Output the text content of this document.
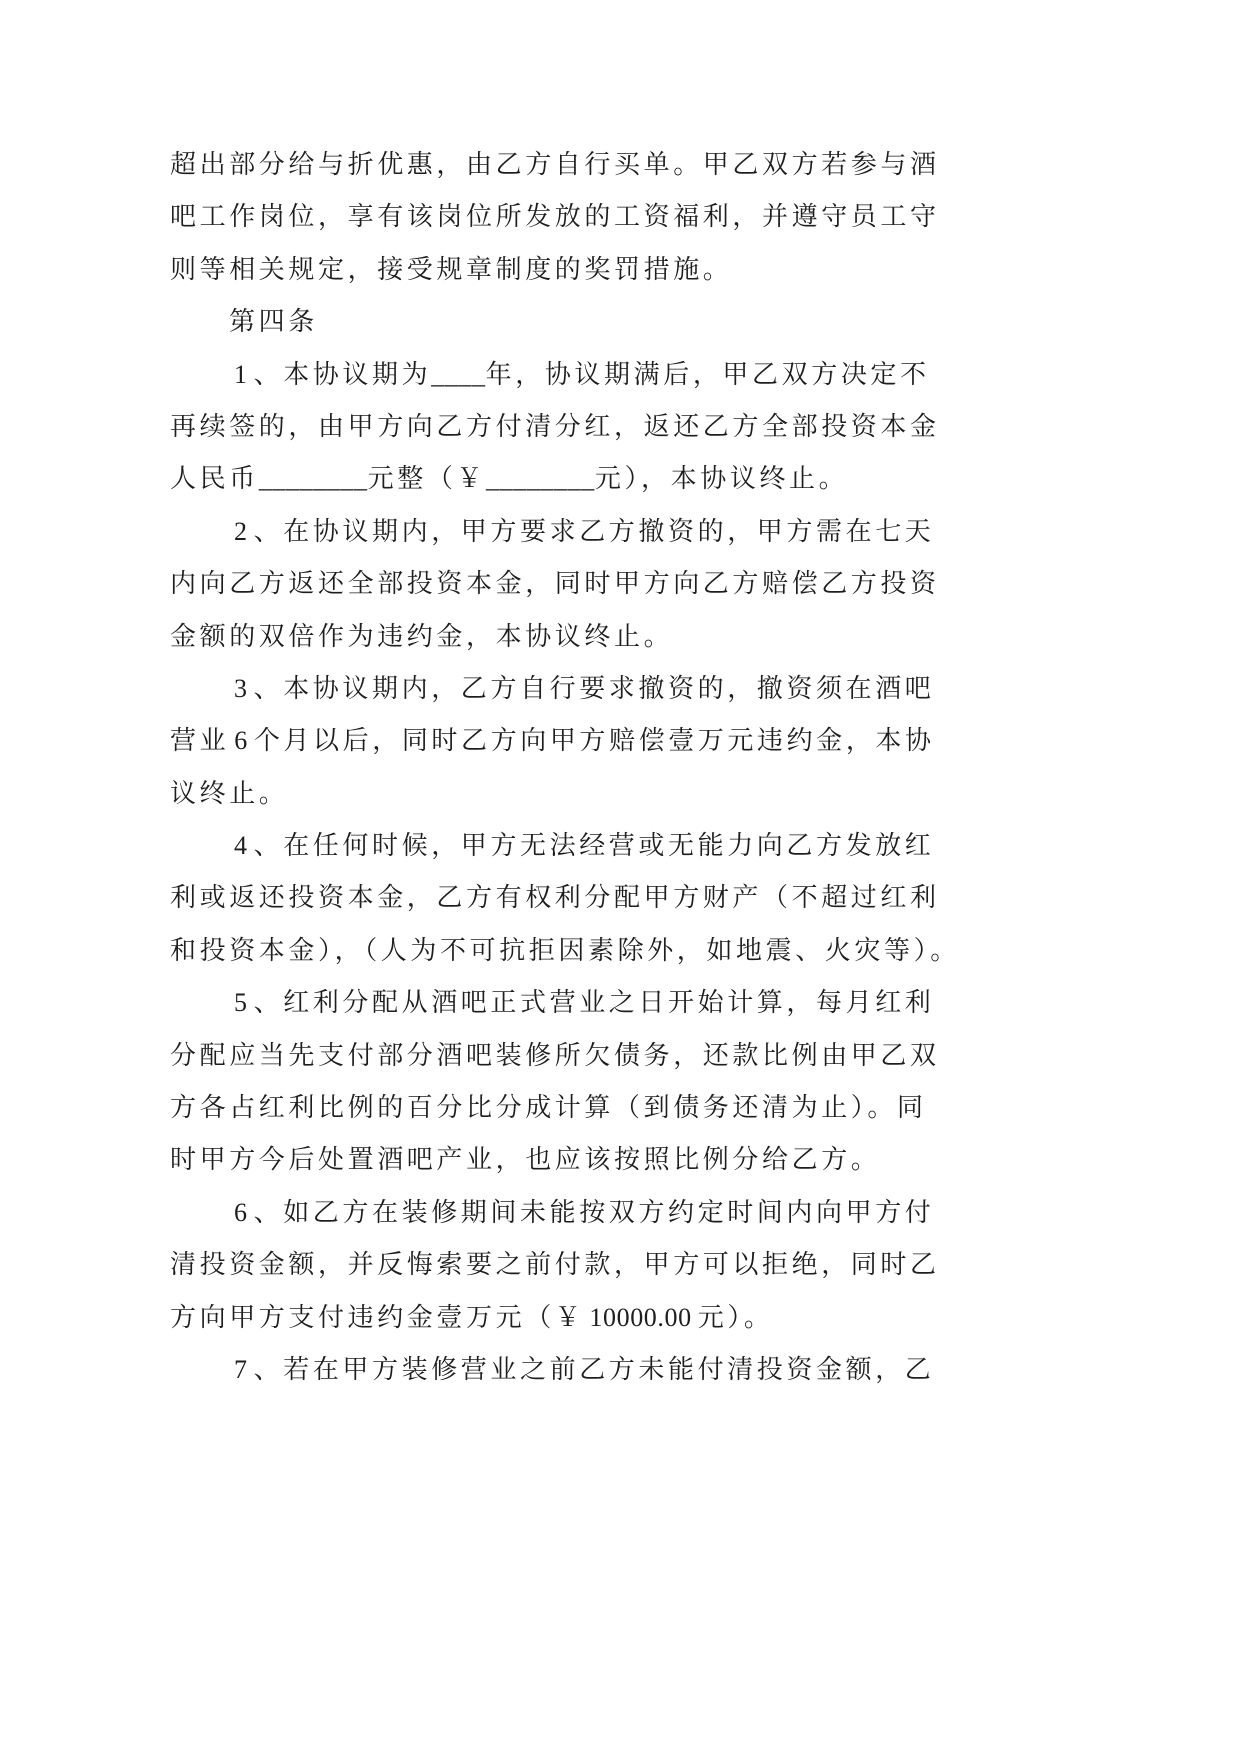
超出部分给与折优惠，由乙方自行买单。甲乙双方若参与酒
吧工作岗位，享有该岗位所发放的工资福利，并遵守员工守
则等相关规定，接受规章制度的奖罚措施。
第四条
1 、本协议期为____年，协议期满后，甲乙双方决定不
再续签的，由甲方向乙方付清分红，返还乙方全部投资本金
人民币________元整（￥________元），本协议终止。
2 、在协议期内，甲方要求乙方撤资的，甲方需在七天
内向乙方返还全部投资本金，同时甲方向乙方赔偿乙方投资
金额的双倍作为违约金，本协议终止。
3 、本协议期内，乙方自行要求撤资的，撤资须在酒吧
营业 6 个月以后，同时乙方向甲方赔偿壹万元违约金，本协
议终止。
4 、在任何时候，甲方无法经营或无能力向乙方发放红
利或返还投资本金，乙方有权利分配甲方财产（不超过红利
和投资本金），（人为不可抗拒因素除外，如地震、火灾等）。
5 、红利分配从酒吧正式营业之日开始计算，每月红利
分配应当先支付部分酒吧装修所欠债务，还款比例由甲乙双
方各占红利比例的百分比分成计算（到债务还清为止）。同
时甲方今后处置酒吧产业，也应该按照比例分给乙方。
6 、如乙方在装修期间未能按双方约定时间内向甲方付
清投资金额，并反悔索要之前付款，甲方可以拒绝，同时乙
方向甲方支付违约金壹万元（￥ 10000.00 元）。
7 、若在甲方装修营业之前乙方未能付清投资金额，乙
